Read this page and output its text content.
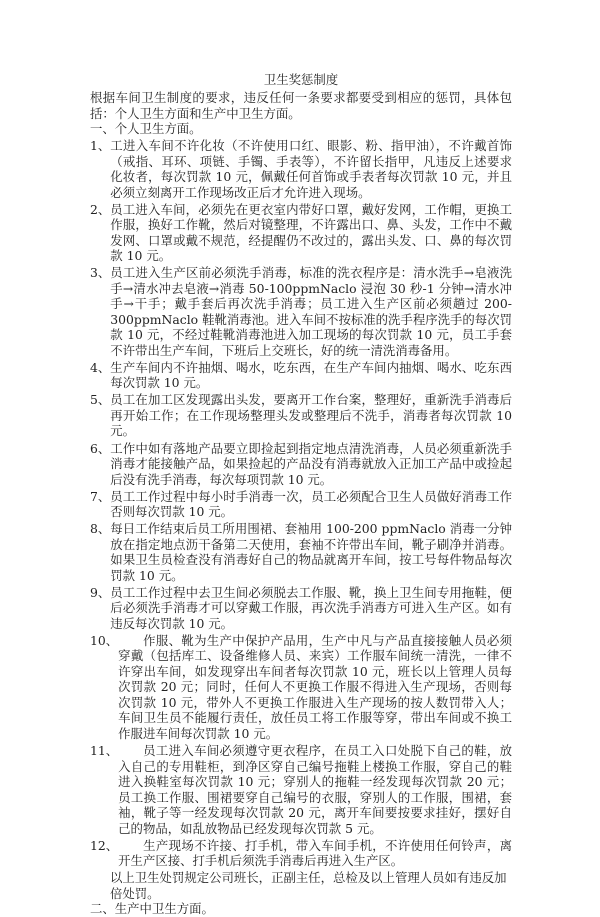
卫生奖惩制度
根据车间卫生制度的要求，违反任何一条要求都要受到相应的惩罚，具体包括：个人卫生方面和生产中卫生方面。
一、个人卫生方面。
1、 工进入车间不许化妆（不许使用口红、眼影、粉、指甲油），不许戴首饰（戒指、耳环、项链、手镯、手表等），不许留长指甲，凡违反上述要求化妆者，每次罚款 10 元，佩戴任何首饰或手表者每次罚款 10 元，并且必须立刻离开工作现场改正后才允许进入现场。
2、 员工进入车间，必须先在更衣室内带好口罩，戴好发网，工作帽，更换工作服，换好工作靴，然后对镜整理，不许露出口、鼻、头发，工作中不戴发网、口罩或戴不规范，经提醒仍不改过的，露出头发、口、鼻的每次罚款 10 元。
3、 员工进入生产区前必须洗手消毒，标准的洗衣程序是：清水洗手→皂液洗手→清水冲去皂液→消毒 50-100ppmNaclo 浸泡 30 秒-1 分钟→清水冲手→干手；戴手套后再次洗手消毒；员工进入生产区前必须趟过 200-300ppmNaclo 鞋靴消毒池。进入车间不按标准的洗手程序洗手的每次罚款 10 元，不经过鞋靴消毒池进入加工现场的每次罚款 10 元，员工手套不许带出生产车间，下班后上交班长，好的统一清洗消毒备用。
4、 生产车间内不许抽烟、喝水，吃东西，在生产车间内抽烟、喝水、吃东西每次罚款 10 元。
5、 员工在加工区发现露出头发，要离开工作台案，整理好，重新洗手消毒后再开始工作；在工作现场整理头发或整理后不洗手，消毒者每次罚款 10 元。
6、 工作中如有落地产品要立即捡起到指定地点清洗消毒，人员必须重新洗手消毒才能接触产品，如果捡起的产品没有消毒就放入正加工产品中或捡起后没有洗手消毒，每次每项罚款 10 元。
7、 员工工作过程中每小时手消毒一次，员工必须配合卫生人员做好消毒工作否则每次罚款 10 元。
8、 每日工作结束后员工所用围裙、套袖用 100-200 ppmNaclo 消毒一分钟放在指定地点沥干备第二天使用，套袖不许带出车间，靴子刷净并消毒。如果卫生员检查没有消毒好自己的物品就离开车间，按工号每件物品每次罚款 10 元。
9、 员工工作过程中去卫生间必须脱去工作服、靴，换上卫生间专用拖鞋，便后必须洗手消毒才可以穿戴工作服，再次洗手消毒方可进入生产区。如有违反每次罚款 10 元。
10、	作服、靴为生产中保护产品用，生产中凡与产品直接接触人员必须穿戴（包括库工、设备维修人员、来宾）工作服车间统一清洗，一律不许穿出车间，如发现穿出车间者每次罚款 10 元，班长以上管理人员每次罚款 20 元；同时，任何人不更换工作服不得进入生产现场，否则每次罚款 10 元，带外人不更换工作服进入生产现场的按人数罚带入人；车间卫生员不能履行责任，放任员工将工作服等穿，带出车间或不换工作服进车间每次罚款 10 元。
11、	员工进入车间必须遵守更衣程序，在员工入口处脱下自己的鞋，放入自己的专用鞋柜，到净区穿自己编号拖鞋上楼换工作服，穿自己的鞋进入换鞋室每次罚款 10 元；穿别人的拖鞋一经发现每次罚款 20 元；员工换工作服、围裙要穿自己编号的衣服，穿别人的工作服，围裙，套袖，靴子等一经发现每次罚款 20 元，离开车间要按要求挂好，摆好自己的物品，如乱放物品已经发现每次罚款 5 元。
12、	生产现场不许接、打手机，带入车间手机，不许使用任何铃声，离开生产区接、打手机后须洗手消毒后再进入生产区。
以上卫生处罚规定公司班长，正副主任，总检及以上管理人员如有违反加倍处罚。
二、生产中卫生方面。
